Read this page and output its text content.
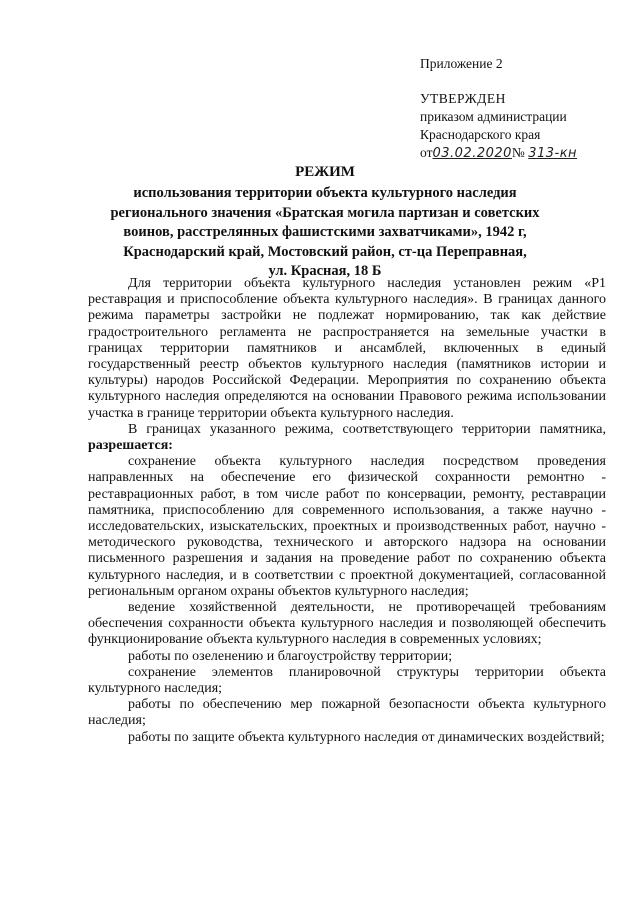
Приложение 2
УТВЕРЖДЕН
приказом администрации
Краснодарского края
от03.02.2020№ 313-кн
РЕЖИМ
использования территории объекта культурного наследия
регионального значения «Братская могила партизан и советских
воинов, расстрелянных фашистскими захватчиками», 1942 г,
Краснодарский край, Мостовский район, ст-ца Переправная,
ул. Красная, 18 Б

Для территории объекта культурного наследия установлен режим «Р1 реставрация и приспособление объекта культурного наследия». В границах данного режима параметры застройки не подлежат нормированию, так как действие градостроительного регламента не распространяется на земельные участки в границах территории памятников и ансамблей, включенных в единый государственный реестр объектов культурного наследия (памятников истории и культуры) народов Российской Федерации. Мероприятия по сохранению объекта культурного наследия определяются на основании Правового режима использовании участка в границе территории объекта культурного наследия.

В границах указанного режима, соответствующего территории памятника, разрешается:

сохранение объекта культурного наследия посредством проведения направленных на обеспечение его физической сохранности ремонтно - реставрационных работ, в том числе работ по консервации, ремонту, реставрации памятника, приспособлению для современного использования, а также научно - исследовательских, изыскательских, проектных и производственных работ, научно - методического руководства, технического и авторского надзора на основании письменного разрешения и задания на проведение работ по сохранению объекта культурного наследия, и в соответствии с проектной документацией, согласованной региональным органом охраны объектов культурного наследия;

ведение хозяйственной деятельности, не противоречащей требованиям обеспечения сохранности объекта культурного наследия и позволяющей обеспечить функционирование объекта культурного наследия в современных условиях;

работы по озеленению и благоустройству территории;

сохранение элементов планировочной структуры территории объекта культурного наследия;

работы по обеспечению мер пожарной безопасности объекта культурного наследия;

работы по защите объекта культурного наследия от динамических воздействий;
